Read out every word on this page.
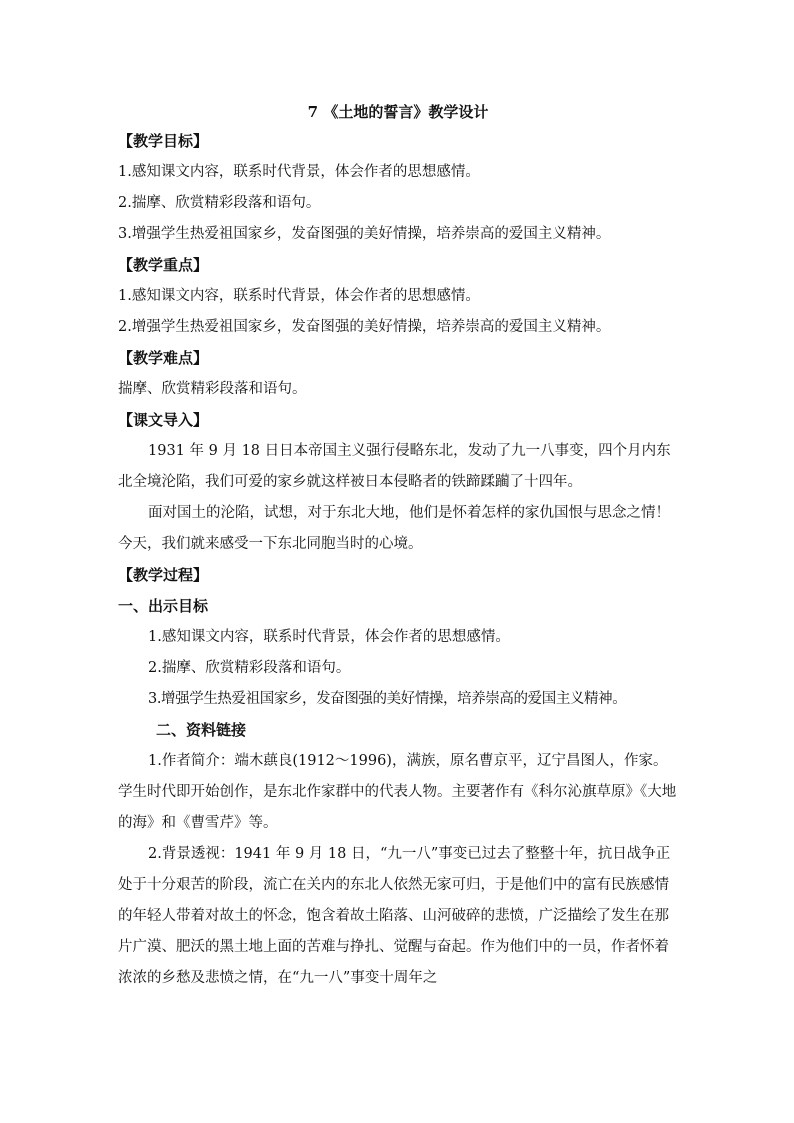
7 《土地的誓言》教学设计

【教学目标】

1.感知课文内容，联系时代背景，体会作者的思想感情。

2.揣摩、欣赏精彩段落和语句。

3.增强学生热爱祖国家乡，发奋图强的美好情操，培养崇高的爱国主义精神。

【教学重点】

1.感知课文内容，联系时代背景，体会作者的思想感情。

2.增强学生热爱祖国家乡，发奋图强的美好情操，培养崇高的爱国主义精神。

【教学难点】

揣摩、欣赏精彩段落和语句。

【课文导入】

1931 年 9 月 18 日日本帝国主义强行侵略东北，发动了九一八事变，四个月内东北全境沦陷，我们可爱的家乡就这样被日本侵略者的铁蹄蹂躏了十四年。

面对国土的沦陷，试想，对于东北大地，他们是怀着怎样的家仇国恨与思念之情！ 今天，我们就来感受一下东北同胞当时的心境。

【教学过程】

一、出示目标

1.感知课文内容，联系时代背景，体会作者的思想感情。

2.揣摩、欣赏精彩段落和语句。

3.增强学生热爱祖国家乡，发奋图强的美好情操，培养崇高的爱国主义精神。

二、资料链接

1.作者简介：端木蕻良(1912～1996)，满族，原名曹京平，辽宁昌图人，作家。学生时代即开始创作，是东北作家群中的代表人物。主要著作有《科尔沁旗草原》《大地的海》和《曹雪芹》等。

2.背景透视：1941 年 9 月 18 日，“九一八”事变已过去了整整十年，抗日战争正处于十分艰苦的阶段，流亡在关内的东北人依然无家可归，于是他们中的富有民族感情的年轻人带着对故土的怀念，饱含着故土陷落、山河破碎的悲愤，广泛描绘了发生在那片广漠、肥沃的黑土地上面的苦难与挣扎、觉醒与奋起。作为他们中的一员，作者怀着浓浓的乡愁及悲愤之情，在“九一八”事变十周年之
